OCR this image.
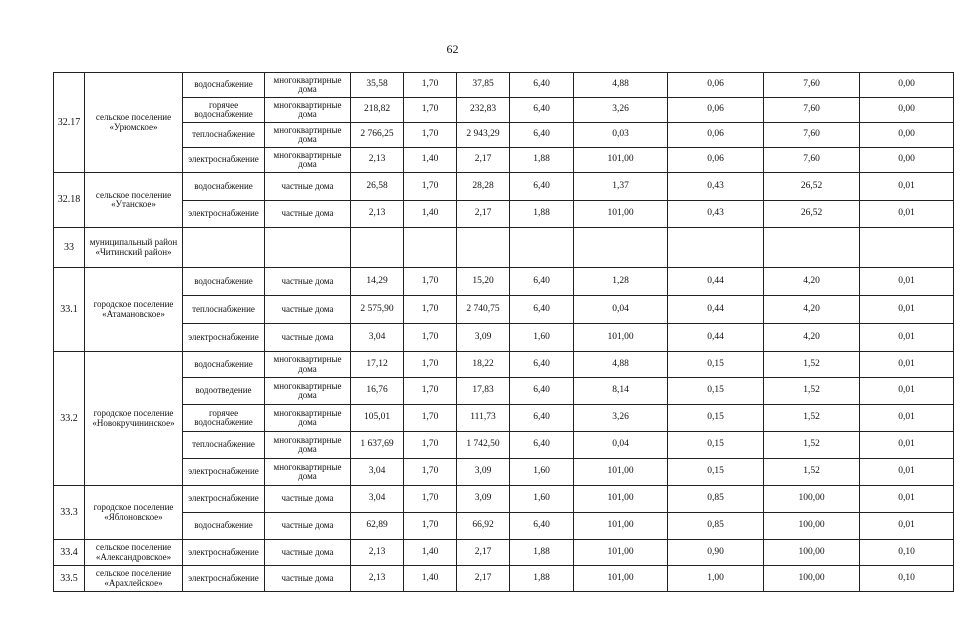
62
32.17	сельское поселение «Урюмское»	водоснабжение	многоквартирные дома	35,58	1,70	37,85	6,40	4,88	0,06	7,60	0,00
		горячее водоснабжение	многоквартирные дома	218,82	1,70	232,83	6,40	3,26	0,06	7,60	0,00
		теплоснабжение	многоквартирные дома	2 766,25	1,70	2 943,29	6,40	0,03	0,06	7,60	0,00
		электроснабжение	многоквартирные дома	2,13	1,40	2,17	1,88	101,00	0,06	7,60	0,00
32.18	сельское поселение «Утанское»	водоснабжение	частные дома	26,58	1,70	28,28	6,40	1,37	0,43	26,52	0,01
		электроснабжение	частные дома	2,13	1,40	2,17	1,88	101,00	0,43	26,52	0,01
33	муниципальный район «Читинский район»										
33.1	городское поселение «Атамановское»	водоснабжение	частные дома	14,29	1,70	15,20	6,40	1,28	0,44	4,20	0,01
		теплоснабжение	частные дома	2 575,90	1,70	2 740,75	6,40	0,04	0,44	4,20	0,01
		электроснабжение	частные дома	3,04	1,70	3,09	1,60	101,00	0,44	4,20	0,01
33.2	городское поселение «Новокручининское»	водоснабжение	многоквартирные дома	17,12	1,70	18,22	6,40	4,88	0,15	1,52	0,01
		водоотведение	многоквартирные дома	16,76	1,70	17,83	6,40	8,14	0,15	1,52	0,01
		горячее водоснабжение	многоквартирные дома	105,01	1,70	111,73	6,40	3,26	0,15	1,52	0,01
		теплоснабжение	многоквартирные дома	1 637,69	1,70	1 742,50	6,40	0,04	0,15	1,52	0,01
		электроснабжение	многоквартирные дома	3,04	1,70	3,09	1,60	101,00	0,15	1,52	0,01
33.3	городское поселение «Яблоновское»	электроснабжение	частные дома	3,04	1,70	3,09	1,60	101,00	0,85	100,00	0,01
		водоснабжение	частные дома	62,89	1,70	66,92	6,40	101,00	0,85	100,00	0,01
33.4	сельское поселение «Александровское»	электроснабжение	частные дома	2,13	1,40	2,17	1,88	101,00	0,90	100,00	0,10
33.5	сельское поселение «Арахлейское»	электроснабжение	частные дома	2,13	1,40	2,17	1,88	101,00	1,00	100,00	0,10
